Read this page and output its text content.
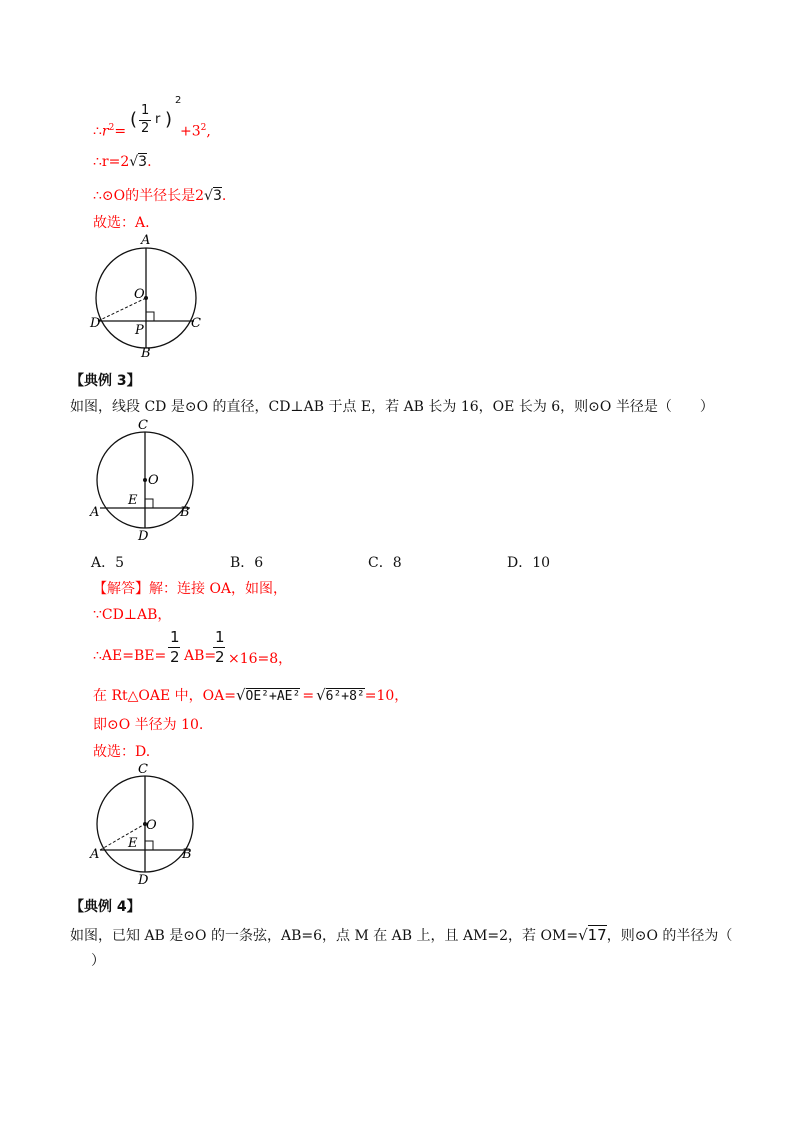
$\therefore r^2=$
( 1
2
r )
2
$+3^2$,
∴r=2√3.
∴⊙O的半径长是2√3.
故选：A.
A
O
D	P	C
B
【典例 3】
如图，线段 CD 是⊙O 的直径，CD⊥AB 于点 E，若 AB 长为 16，OE 长为 6，则⊙O 半径是（　　）
C
O
E
A	B
D
A．5	B．6	C．8	D．10
【解答】解：连接 OA，如图，
∵CD⊥AB，
∴AE=BE=
1
2 AB=
1
2 ×16=8，
在 Rt△OAE 中，OA=√OE²+AE² = √6²+8²=10，
即⊙O 半径为 10.
故选：D.
C
O
E
A	B
D
【典例 4】
如图，已知 AB 是⊙O 的一条弦，AB=6，点 M 在 AB 上，且 AM=2，若 OM=√17，则⊙O 的半径为（
）
